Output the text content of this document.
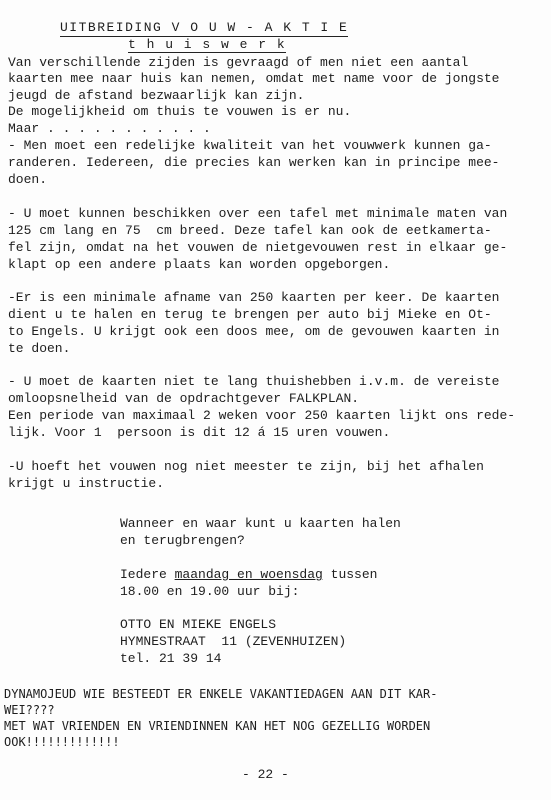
UITBREIDING V O U W - A K T I E
t h u i s w e r k
Van verschillende zijden is gevraagd of men niet een aantal
kaarten mee naar huis kan nemen, omdat met name voor de jongste
jeugd de afstand bezwaarlijk kan zijn.
De mogelijkheid om thuis te vouwen is er nu.
Maar . . . . . . . . . . .
- Men moet een redelijke kwaliteit van het vouwwerk kunnen ga-
randeren. Iedereen, die precies kan werken kan in principe mee-
doen.
- U moet kunnen beschikken over een tafel met minimale maten van
125 cm lang en 75  cm breed. Deze tafel kan ook de eetkamerta-
fel zijn, omdat na het vouwen de nietgevouwen rest in elkaar ge-
klapt op een andere plaats kan worden opgeborgen.
-Er is een minimale afname van 250 kaarten per keer. De kaarten
dient u te halen en terug te brengen per auto bij Mieke en Ot-
to Engels. U krijgt ook een doos mee, om de gevouwen kaarten in
te doen.
- U moet de kaarten niet te lang thuishebben i.v.m. de vereiste
omloopsnelheid van de opdrachtgever FALKPLAN.
Een periode van maximaal 2 weken voor 250 kaarten lijkt ons rede-
lijk. Voor 1  persoon is dit 12 á 15 uren vouwen.
-U hoeft het vouwen nog niet meester te zijn, bij het afhalen
krijgt u instructie.
Wanneer en waar kunt u kaarten halen
en terugbrengen?
Iedere maandag en woensdag tussen
18.00 en 19.00 uur bij:
OTTO EN MIEKE ENGELS
HYMNESTRAAT  11 (ZEVENHUIZEN)
tel. 21 39 14
DYNAMOJEUD WIE BESTEEDT ER ENKELE VAKANTIEDAGEN AAN DIT KAR-
WEI????
MET WAT VRIENDEN EN VRIENDINNEN KAN HET NOG GEZELLIG WORDEN
OOK!!!!!!!!!!!!!
- 22 -
